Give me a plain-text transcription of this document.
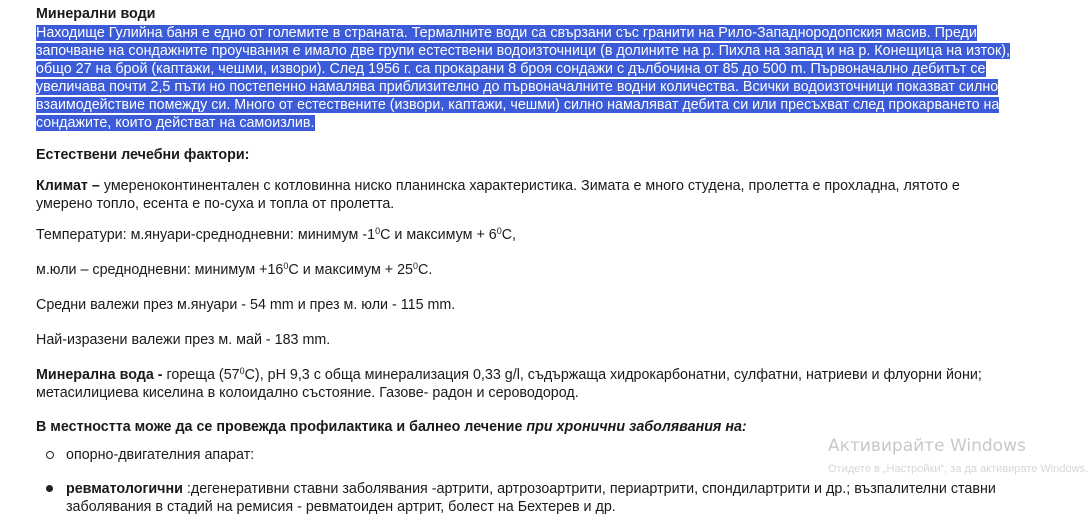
Минерални води

Находище Гулийна баня е едно от големите в страната. Термалните води са свързани със гранити на Рило-Западнородопския масив. Преди започване на сондажните проучвания е имало две групи естествени водоизточници (в долините на р. Пихла на запад и на р. Конещица на изток), общо 27 на брой (каптажи, чешми, извори). След 1956 г. са прокарани 8 броя сондажи с дълбочина от 85 до 500 m. Първоначално дебитът се увеличава почти 2,5 пъти но постепенно намалява приблизително до първоначалните водни количества. Всички водоизточници показват силно взаимодействие помежду си. Много от естествените (извори, каптажи, чешми) силно намаляват дебита си или пресъхват след прокарването на сондажите, които действат на самоизлив.

Естествени лечебни фактори:

Климат – умереноконтинентален с котловинна ниско планинска характеристика. Зимата е много студена, пролетта е прохладна, лятото е умерено топло, есента е по-суха и топла от пролетта.

Температури: м.януари-среднодневни: минимум $-1^0C$ и максимум + $6^0C$,

м.юли – среднодневни: минимум $+16^0C$ и максимум + $25^0C$.

Средни валежи през м.януари - 54 mm и през м. юли - 115 mm.

Най-изразени валежи през м. май - 183 mm.

Минерална вода - гореща $(57^0C)$, pH 9,3 с обща минерализация 0,33 g/l, съдържаща хидрокарбонатни, сулфатни, натриеви и флуорни йони; метасилициева киселина в колоидално състояние. Газове- радон и сероводород.

В местността може да се провежда профилактика и балнео лечение при хронични заболявания на:

опорно-двигателния апарат:
ревматологични :дегенеративни ставни заболявания -артрити, артрозоартрити, периартрити, спондилартрити и др.; възпалителни ставни заболявания в стадий на ремисия - ревматоиден артрит, болест на Бехтерев и др.
Активирайте Windows
Отидете в „Настройки“, за да активирате Windows.
